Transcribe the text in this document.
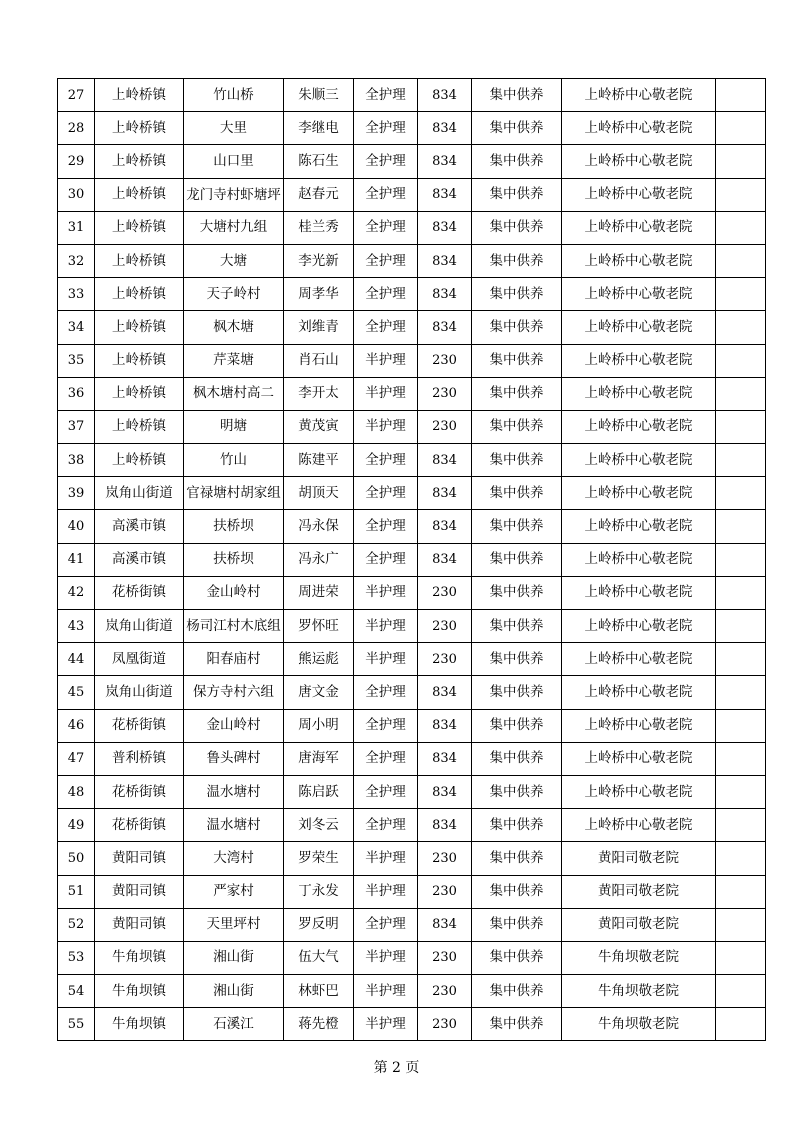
27	上岭桥镇	竹山桥	朱顺三	全护理	834	集中供养	上岭桥中心敬老院	
28	上岭桥镇	大里	李继电	全护理	834	集中供养	上岭桥中心敬老院	
29	上岭桥镇	山口里	陈石生	全护理	834	集中供养	上岭桥中心敬老院	
30	上岭桥镇	龙门寺村虾塘坪	赵春元	全护理	834	集中供养	上岭桥中心敬老院	
31	上岭桥镇	大塘村九组	桂兰秀	全护理	834	集中供养	上岭桥中心敬老院	
32	上岭桥镇	大塘	李光新	全护理	834	集中供养	上岭桥中心敬老院	
33	上岭桥镇	天子岭村	周孝华	全护理	834	集中供养	上岭桥中心敬老院	
34	上岭桥镇	枫木塘	刘维青	全护理	834	集中供养	上岭桥中心敬老院	
35	上岭桥镇	芹菜塘	肖石山	半护理	230	集中供养	上岭桥中心敬老院	
36	上岭桥镇	枫木塘村高二	李开太	半护理	230	集中供养	上岭桥中心敬老院	
37	上岭桥镇	明塘	黄茂寅	半护理	230	集中供养	上岭桥中心敬老院	
38	上岭桥镇	竹山	陈建平	全护理	834	集中供养	上岭桥中心敬老院	
39	岚角山街道	官禄塘村胡家组	胡顶天	全护理	834	集中供养	上岭桥中心敬老院	
40	高溪市镇	扶桥坝	冯永保	全护理	834	集中供养	上岭桥中心敬老院	
41	高溪市镇	扶桥坝	冯永广	全护理	834	集中供养	上岭桥中心敬老院	
42	花桥街镇	金山岭村	周进荣	半护理	230	集中供养	上岭桥中心敬老院	
43	岚角山街道	杨司江村木底组	罗怀旺	半护理	230	集中供养	上岭桥中心敬老院	
44	凤凰街道	阳春庙村	熊运彪	半护理	230	集中供养	上岭桥中心敬老院	
45	岚角山街道	保方寺村六组	唐文金	全护理	834	集中供养	上岭桥中心敬老院	
46	花桥街镇	金山岭村	周小明	全护理	834	集中供养	上岭桥中心敬老院	
47	普利桥镇	鲁头碑村	唐海军	全护理	834	集中供养	上岭桥中心敬老院	
48	花桥街镇	温水塘村	陈启跃	全护理	834	集中供养	上岭桥中心敬老院	
49	花桥街镇	温水塘村	刘冬云	全护理	834	集中供养	上岭桥中心敬老院	
50	黄阳司镇	大湾村	罗荣生	半护理	230	集中供养	黄阳司敬老院	
51	黄阳司镇	严家村	丁永发	半护理	230	集中供养	黄阳司敬老院	
52	黄阳司镇	天里坪村	罗反明	全护理	834	集中供养	黄阳司敬老院	
53	牛角坝镇	湘山街	伍大气	半护理	230	集中供养	牛角坝敬老院	
54	牛角坝镇	湘山街	林虾巴	半护理	230	集中供养	牛角坝敬老院	
55	牛角坝镇	石溪江	蒋先橙	半护理	230	集中供养	牛角坝敬老院	
第 2 页
